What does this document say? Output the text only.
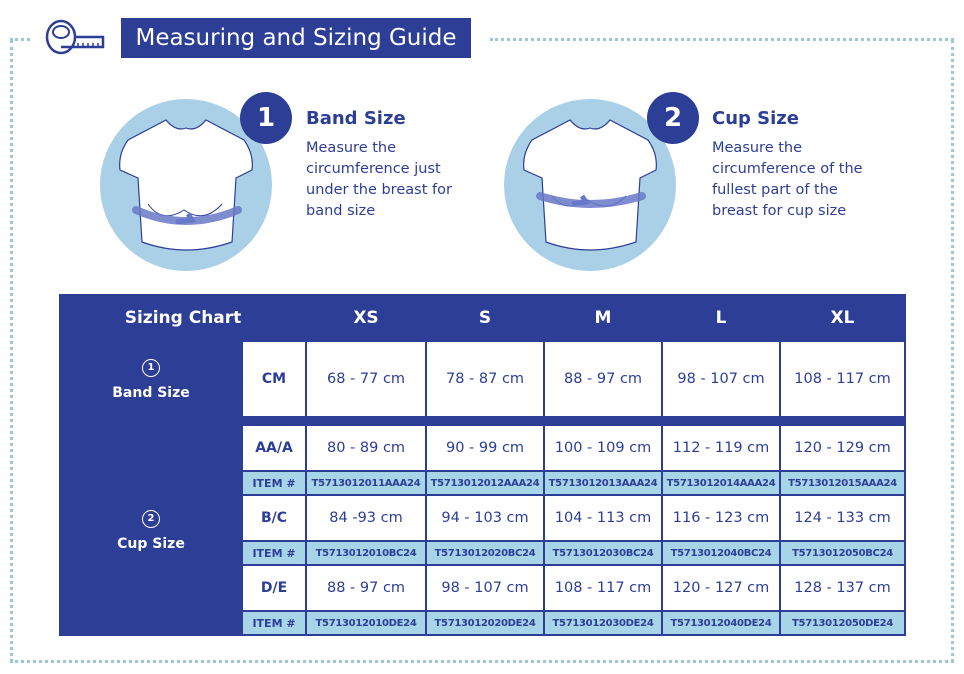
Measuring and Sizing Guide
1	Band Size
Measure the circumference just under the breast for band size
2	Cup Size
Measure the circumference of the fullest part of the breast for cup size
Sizing Chart		XS	S	M	L	XL
1
Band Size	CM	68 - 77 cm	78 - 87 cm	88 - 97 cm	98 - 107 cm	108 - 117 cm

2
Cup Size	AA/A	80 - 89 cm	90 - 99 cm	100 - 109 cm	112 - 119 cm	120 - 129 cm
	ITEM #	T5713012011AAA24	T5713012012AAA24	T5713012013AAA24	T5713012014AAA24	T5713012015AAA24
	B/C	84 -93 cm	94 - 103 cm	104 - 113 cm	116 - 123 cm	124 - 133 cm
	ITEM #	T5713012010BC24	T5713012020BC24	T5713012030BC24	T5713012040BC24	T5713012050BC24
	D/E	88 - 97 cm	98 - 107 cm	108 - 117 cm	120 - 127 cm	128 - 137 cm
	ITEM #	T5713012010DE24	T5713012020DE24	T5713012030DE24	T5713012040DE24	T5713012050DE24
